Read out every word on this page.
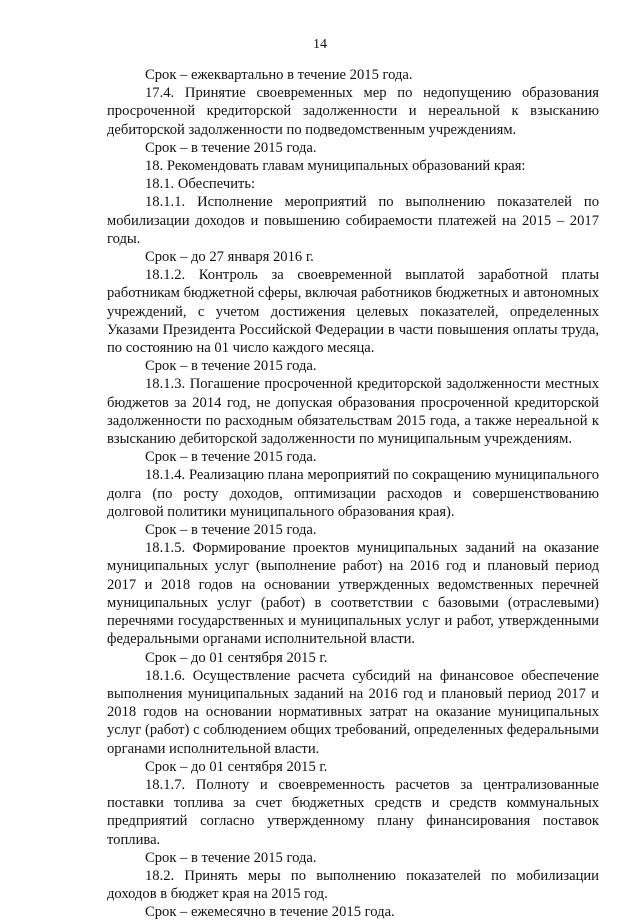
14

Срок – ежеквартально в течение 2015 года.

17.4. Принятие своевременных мер по недопущению образования просроченной кредиторской задолженности и нереальной к взысканию дебиторской задолженности по подведомственным учреждениям.

Срок – в течение 2015 года.

18. Рекомендовать главам муниципальных образований края:

18.1. Обеспечить:

18.1.1. Исполнение мероприятий по выполнению показателей по мобилизации доходов и повышению собираемости платежей на 2015 – 2017 годы.

Срок – до 27 января 2016 г.

18.1.2. Контроль за своевременной выплатой заработной платы работникам бюджетной сферы, включая работников бюджетных и автономных учреждений, с учетом достижения целевых показателей, определенных Указами Президента Российской Федерации в части повышения оплаты труда, по состоянию на 01 число каждого месяца.

Срок – в течение 2015 года.

18.1.3. Погашение просроченной кредиторской задолженности местных бюджетов за 2014 год, не допуская образования просроченной кредиторской задолженности по расходным обязательствам 2015 года, а также нереальной к взысканию дебиторской задолженности по муниципальным учреждениям.

Срок – в течение 2015 года.

18.1.4. Реализацию плана мероприятий по сокращению муниципального долга (по росту доходов, оптимизации расходов и совершенствованию долговой политики муниципального образования края).

Срок – в течение 2015 года.

18.1.5. Формирование проектов муниципальных заданий на оказание муниципальных услуг (выполнение работ) на 2016 год и плановый период 2017 и 2018 годов на основании утвержденных ведомственных перечней муниципальных услуг (работ) в соответствии с базовыми (отраслевыми) перечнями государственных и муниципальных услуг и работ, утвержденными федеральными органами исполнительной власти.

Срок – до 01 сентября 2015 г.

18.1.6. Осуществление расчета субсидий на финансовое обеспечение выполнения муниципальных заданий на 2016 год и плановый период 2017 и 2018 годов на основании нормативных затрат на оказание муниципальных услуг (работ) с соблюдением общих требований, определенных федеральными органами исполнительной власти.

Срок – до 01 сентября 2015 г.

18.1.7. Полноту и своевременность расчетов за централизованные поставки топлива за счет бюджетных средств и средств коммунальных предприятий согласно утвержденному плану финансирования поставок топлива.

Срок – в течение 2015 года.

18.2. Принять меры по выполнению показателей по мобилизации доходов в бюджет края на 2015 год.

Срок – ежемесячно в течение 2015 года.
